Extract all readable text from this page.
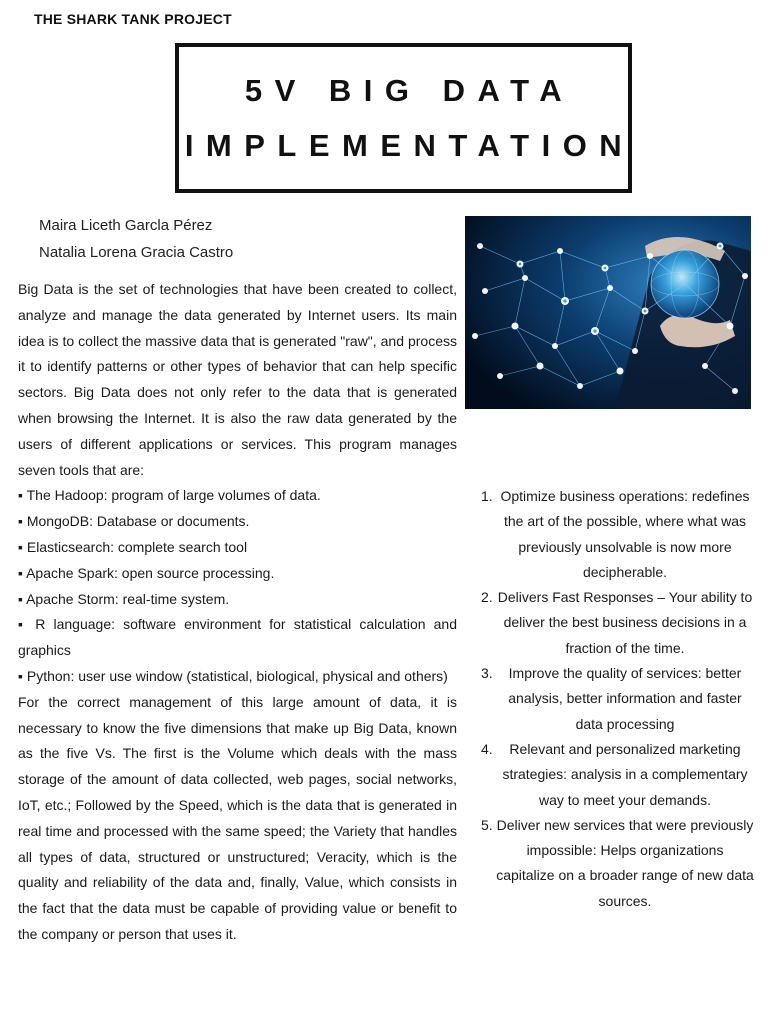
THE SHARK TANK PROJECT
5V BIG DATA
IMPLEMENTATION
Maira Liceth Garcla Pérez
Natalia Lorena Gracia Castro

Big Data is the set of technologies that have been created to collect, analyze and manage the data generated by Internet users. Its main idea is to collect the massive data that is generated "raw", and process it to identify patterns or other types of behavior that can help specific sectors. Big Data does not only refer to the data that is generated when browsing the Internet. It is also the raw data generated by the users of different applications or services. This program manages seven tools that are:

▪ The Hadoop: program of large volumes of data.
▪ MongoDB: Database or documents.
▪ Elasticsearch: complete search tool
▪ Apache Spark: open source processing.
▪ Apache Storm: real-time system.
▪ R language: software environment for statistical calculation and graphics
▪ Python: user use window (statistical, biological, physical and others)

For the correct management of this large amount of data, it is necessary to know the five dimensions that make up Big Data, known as the five Vs. The first is the Volume which deals with the mass storage of the amount of data collected, web pages, social networks, IoT, etc.; Followed by the Speed, which is the data that is generated in real time and processed with the same speed; the Variety that handles all types of data, structured or unstructured; Veracity, which is the quality and reliability of the data and, finally, Value, which consists in the fact that the data must be capable of providing value or benefit to the company or person that uses it.

1. Optimize business operations: redefines the art of the possible, where what was previously unsolvable is now more decipherable.
2. Delivers Fast Responses – Your ability to deliver the best business decisions in a fraction of the time.
3.	Improve the quality of services: better analysis, better information and faster data processing
4.	Relevant and personalized marketing strategies: analysis in a complementary way to meet your demands.
5. Deliver new services that were previously impossible: Helps organizations capitalize on a broader range of new data sources.
